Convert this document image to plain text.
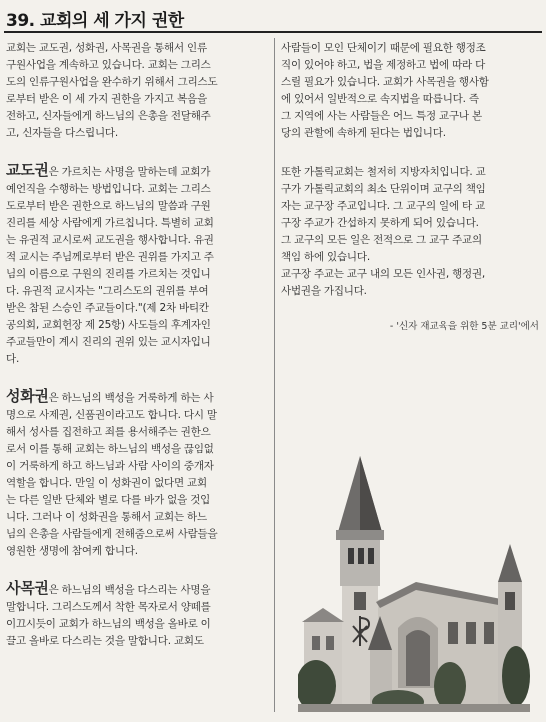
39. 교회의 세 가지 권한

교회는 교도권, 성화권, 사목권을 통해서 인류
구원사업을 계속하고 있습니다. 교회는 그리스
도의 인류구원사업을 완수하기 위해서 그리스도
로부터 받은 이 세 가지 권한을 가지고 복음을
전하고, 신자들에게 하느님의 은총을 전달해주
고, 신자들을 다스립니다.

교도권은 가르치는 사명을 말하는데 교회가
예언직을 수행하는 방법입니다. 교회는 그리스
도로부터 받은 권한으로 하느님의 말씀과 구원
진리를 세상 사람에게 가르칩니다. 특별히 교회
는 유권적 교시로써 교도권을 행사합니다. 유권
적 교시는 주님께로부터 받은 권위를 가지고 주
님의 이름으로 구원의 진리를 가르치는 것입니
다. 유권적 교시자는 "그리스도의 권위를 부여
받은 참된 스승인 주교들이다."(제 2차 바티칸
공의회, 교회헌장 제 25항) 사도들의 후계자인
주교들만이 계시 진리의 권위 있는 교시자입니
다.

성화권은 하느님의 백성을 거룩하게 하는 사
명으로 사제권, 신품권이라고도 합니다. 다시 말
해서 성사를 집전하고 죄를 용서해주는 권한으
로서 이를 통해 교회는 하느님의 백성을 끊임없
이 거룩하게 하고 하느님과 사람 사이의 중개자
역할을 합니다. 만일 이 성화권이 없다면 교회
는 다른 일반 단체와 별로 다를 바가 없을 것입
니다. 그러나 이 성화권을 통해서 교회는 하느
님의 은총을 사람들에게 전해줌으로써 사람들을
영원한 생명에 참여케 합니다.

사목권은 하느님의 백성을 다스리는 사명을
말합니다. 그리스도께서 착한 목자로서 양떼를
이끄시듯이 교회가 하느님의 백성을 올바로 이
끌고 올바로 다스리는 것을 말합니다. 교회도

사람들이 모인 단체이기 때문에 필요한 행정조
직이 있어야 하고, 법을 제정하고 법에 따라 다
스릴 필요가 있습니다. 교회가 사목권을 행사함
에 있어서 일반적으로 속지법을 따릅니다. 즉
그 지역에 사는 사람들은 어느 특정 교구나 본
당의 관할에 속하게 된다는 법입니다.

또한 가톨릭교회는 철저히 지방자치입니다. 교
구가 가톨릭교회의 최소 단위이며 교구의 책임
자는 교구장 주교입니다. 그 교구의 일에 타 교
구장 주교가 간섭하지 못하게 되어 있습니다.
그 교구의 모든 일은 전적으로 그 교구 주교의
책임 하에 있습니다.

교구장 주교는 교구 내의 모든 인사권, 행정권,
사법권을 가집니다.

- '신자 재교육을 위한 5분 교리'에서
